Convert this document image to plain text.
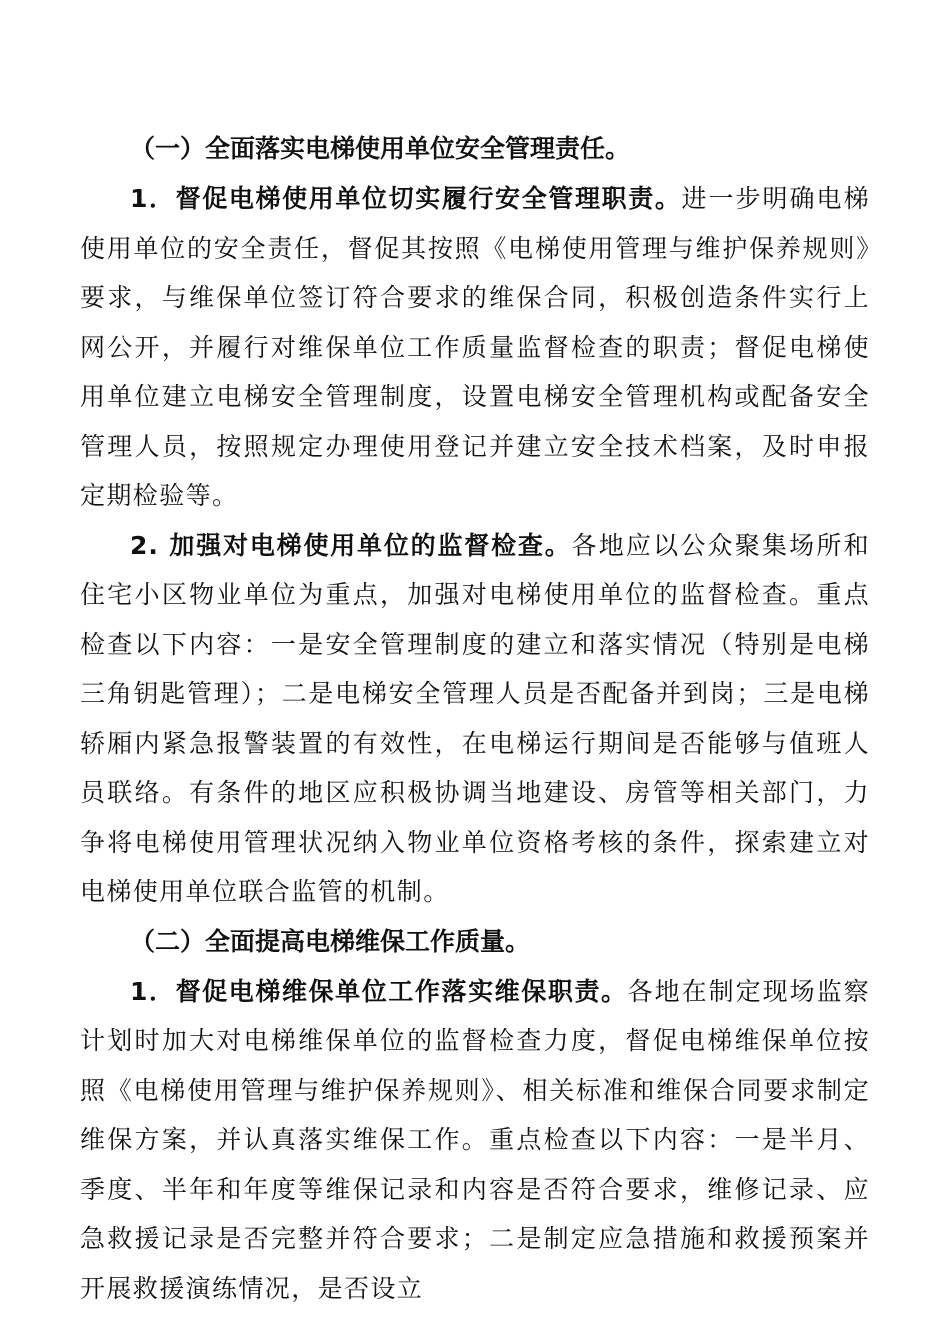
（一）全面落实电梯使用单位安全管理责任。

1．督促电梯使用单位切实履行安全管理职责。进一步明确电梯使用单位的安全责任，督促其按照《电梯使用管理与维护保养规则》要求，与维保单位签订符合要求的维保合同，积极创造条件实行上网公开，并履行对维保单位工作质量监督检查的职责；督促电梯使用单位建立电梯安全管理制度，设置电梯安全管理机构或配备安全管理人员，按照规定办理使用登记并建立安全技术档案，及时申报定期检验等。

2. 加强对电梯使用单位的监督检查。各地应以公众聚集场所和住宅小区物业单位为重点，加强对电梯使用单位的监督检查。重点检查以下内容：一是安全管理制度的建立和落实情况（特别是电梯三角钥匙管理）；二是电梯安全管理人员是否配备并到岗；三是电梯轿厢内紧急报警装置的有效性，在电梯运行期间是否能够与值班人员联络。有条件的地区应积极协调当地建设、房管等相关部门，力争将电梯使用管理状况纳入物业单位资格考核的条件，探索建立对电梯使用单位联合监管的机制。

（二）全面提高电梯维保工作质量。

1．督促电梯维保单位工作落实维保职责。各地在制定现场监察计划时加大对电梯维保单位的监督检查力度，督促电梯维保单位按照《电梯使用管理与维护保养规则》、相关标准和维保合同要求制定维保方案，并认真落实维保工作。重点检查以下内容：一是半月、季度、半年和年度等维保记录和内容是否符合要求，维修记录、应急救援记录是否完整并符合要求；二是制定应急措施和救援预案并开展救援演练情况，是否设立
